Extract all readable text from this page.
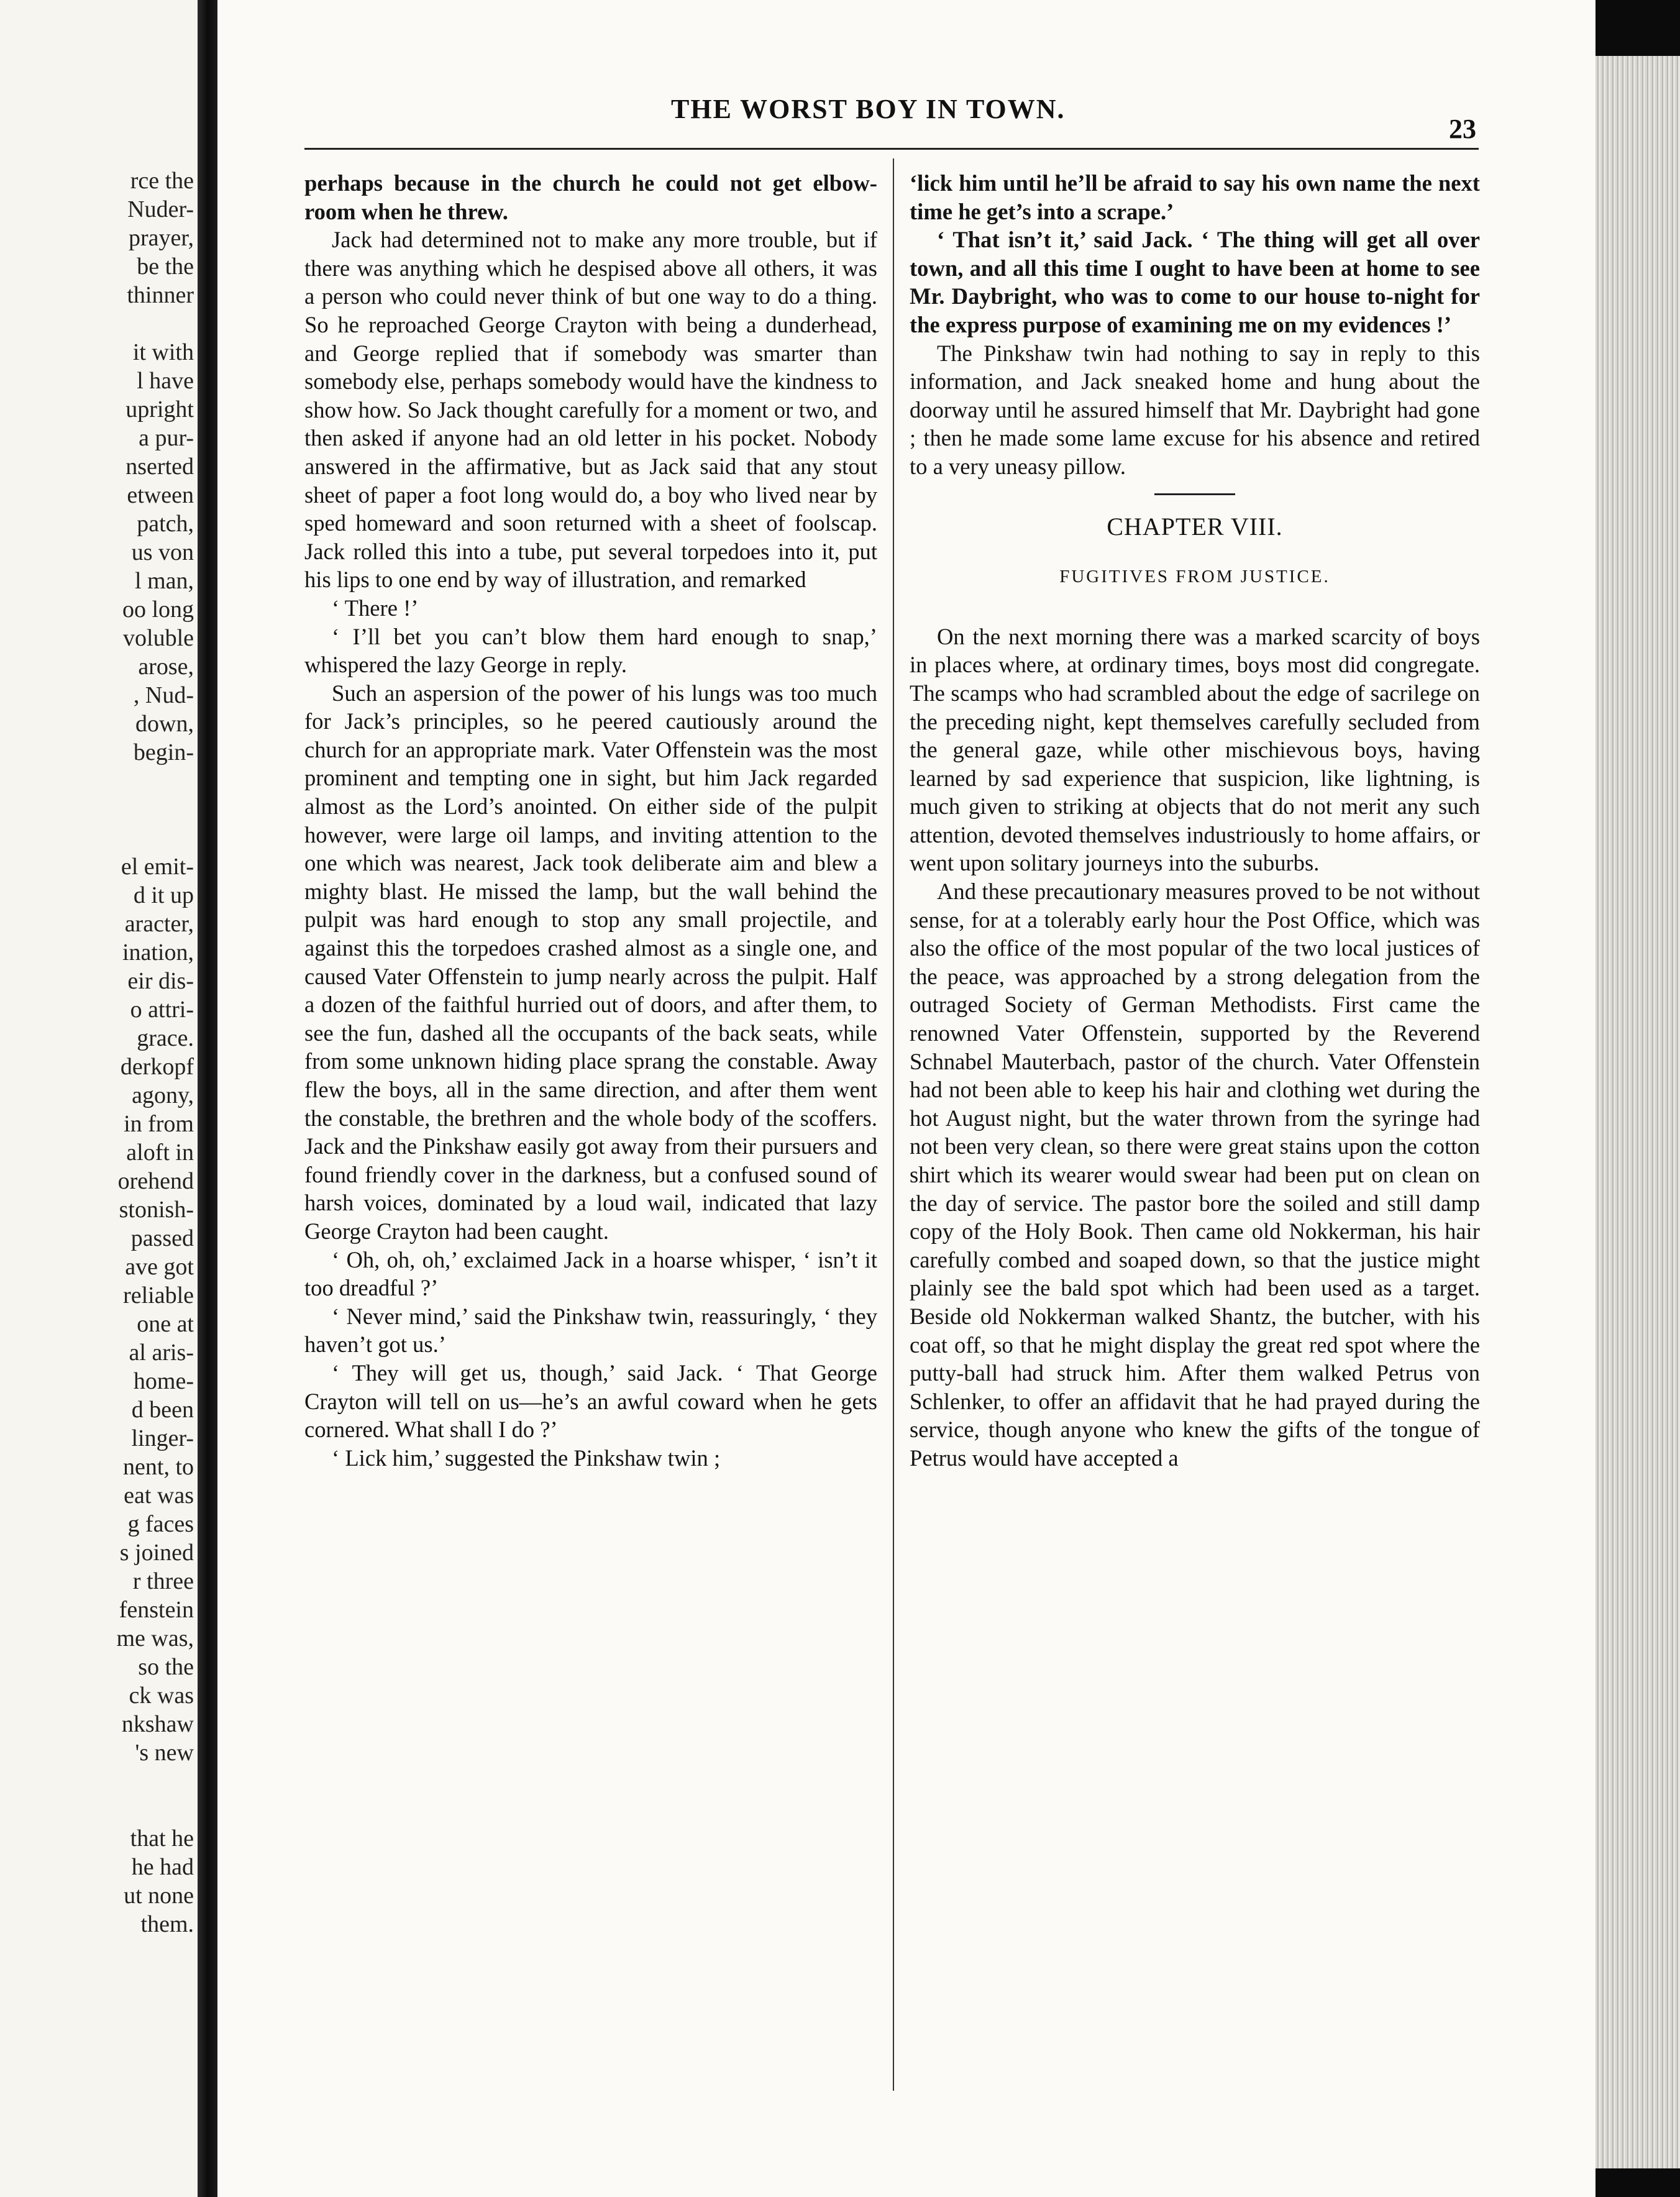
rce the
Nuder-
prayer,
be the
thinner
it with
l have
upright
a pur-
nserted
etween
patch,
us von
l man,
oo long
voluble
arose,
, Nud-
down,
begin-
el emit-
d it up
aracter,
ination,
eir dis-
o attri-
grace.
derkopf
agony,
in from
aloft in
orehend
stonish-
passed
ave got
reliable
one at
al aris-
home-
d been
linger-
nent, to
eat was
g faces
s joined
r three
fenstein
me was,
so the
ck was
nkshaw
's new
that he
he had
ut none
them.
THE WORST BOY IN TOWN.
23

perhaps because in the church he could not get elbow-room when he threw.

Jack had determined not to make any more trouble, but if there was anything which he despised above all others, it was a person who could never think of but one way to do a thing. So he reproached George Crayton with being a dunderhead, and George replied that if somebody was smarter than somebody else, perhaps somebody would have the kindness to show how. So Jack thought carefully for a moment or two, and then asked if anyone had an old letter in his pocket. Nobody answered in the affirmative, but as Jack said that any stout sheet of paper a foot long would do, a boy who lived near by sped homeward and soon returned with a sheet of foolscap. Jack rolled this into a tube, put several torpedoes into it, put his lips to one end by way of illustration, and remarked

‘ There !’

‘ I’ll bet you can’t blow them hard enough to snap,’ whispered the lazy George in reply.

Such an aspersion of the power of his lungs was too much for Jack’s principles, so he peered cautiously around the church for an appropriate mark. Vater Offenstein was the most prominent and tempting one in sight, but him Jack regarded almost as the Lord’s anointed. On either side of the pulpit however, were large oil lamps, and inviting attention to the one which was nearest, Jack took deliberate aim and blew a mighty blast. He missed the lamp, but the wall behind the pulpit was hard enough to stop any small projectile, and against this the torpedoes crashed almost as a single one, and caused Vater Offenstein to jump nearly across the pulpit. Half a dozen of the faithful hurried out of doors, and after them, to see the fun, dashed all the occupants of the back seats, while from some unknown hiding place sprang the constable. Away flew the boys, all in the same direction, and after them went the constable, the brethren and the whole body of the scoffers. Jack and the Pinkshaw easily got away from their pursuers and found friendly cover in the darkness, but a confused sound of harsh voices, dominated by a loud wail, indicated that lazy George Crayton had been caught.

‘ Oh, oh, oh,’ exclaimed Jack in a hoarse whisper, ‘ isn’t it too dreadful ?’

‘ Never mind,’ said the Pinkshaw twin, reassuringly, ‘ they haven’t got us.’

‘ They will get us, though,’ said Jack. ‘ That George Crayton will tell on us—he’s an awful coward when he gets cornered. What shall I do ?’

‘ Lick him,’ suggested the Pinkshaw twin ;

‘lick him until he’ll be afraid to say his own name the next time he get’s into a scrape.’

‘ That isn’t it,’ said Jack. ‘ The thing will get all over town, and all this time I ought to have been at home to see Mr. Daybright, who was to come to our house to-night for the express purpose of examining me on my evidences !’

The Pinkshaw twin had nothing to say in reply to this information, and Jack sneaked home and hung about the doorway until he assured himself that Mr. Daybright had gone ; then he made some lame excuse for his absence and retired to a very uneasy pillow.

CHAPTER VIII.
FUGITIVES FROM JUSTICE.

On the next morning there was a marked scarcity of boys in places where, at ordinary times, boys most did congregate. The scamps who had scrambled about the edge of sacrilege on the preceding night, kept themselves carefully secluded from the general gaze, while other mischievous boys, having learned by sad experience that suspicion, like lightning, is much given to striking at objects that do not merit any such attention, devoted themselves industriously to home affairs, or went upon solitary journeys into the suburbs.

And these precautionary measures proved to be not without sense, for at a tolerably early hour the Post Office, which was also the office of the most popular of the two local justices of the peace, was approached by a strong delegation from the outraged Society of German Methodists. First came the renowned Vater Offenstein, supported by the Reverend Schnabel Mauterbach, pastor of the church. Vater Offenstein had not been able to keep his hair and clothing wet during the hot August night, but the water thrown from the syringe had not been very clean, so there were great stains upon the cotton shirt which its wearer would swear had been put on clean on the day of service. The pastor bore the soiled and still damp copy of the Holy Book. Then came old Nokkerman, his hair carefully combed and soaped down, so that the justice might plainly see the bald spot which had been used as a target. Beside old Nokkerman walked Shantz, the butcher, with his coat off, so that he might display the great red spot where the putty-ball had struck him. After them walked Petrus von Schlenker, to offer an affidavit that he had prayed during the service, though anyone who knew the gifts of the tongue of Petrus would have accepted a
